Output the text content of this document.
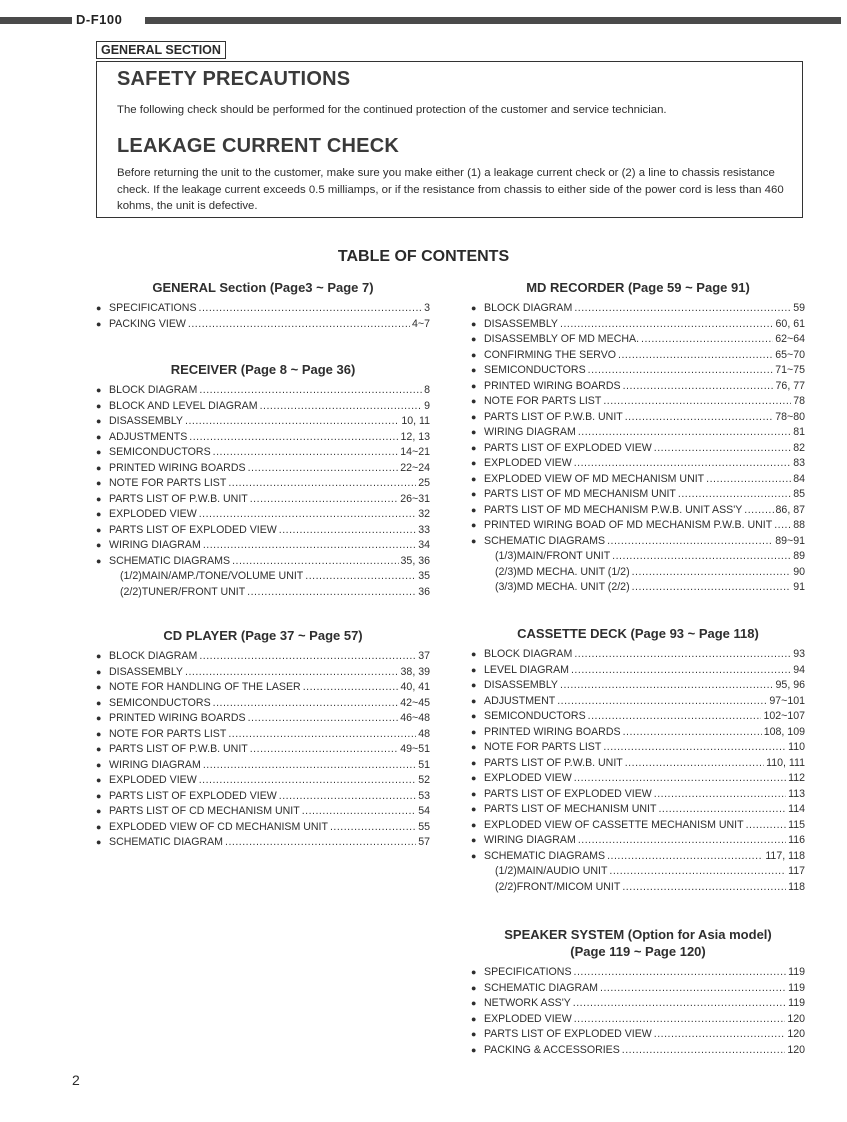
D-F100
GENERAL SECTION
SAFETY PRECAUTIONS
The following check should be performed for the continued protection of the customer and service technician.
LEAKAGE CURRENT CHECK
Before returning the unit to the customer, make sure you make either (1) a leakage current check or (2) a line to chassis resistance check. If the leakage current exceeds 0.5 milliamps, or if the resistance from chassis to either side of the power cord is less than 460 kohms, the unit is defective.
TABLE OF CONTENTS
GENERAL Section (Page3 ~ Page 7)
● SPECIFICATIONS .....	3
● PACKING VIEW .....	4~7
RECEIVER (Page 8 ~ Page 36)
● BLOCK DIAGRAM .....	8
● BLOCK AND LEVEL DIAGRAM .....	9
● DISASSEMBLY .....	10, 11
● ADJUSTMENTS .....	12, 13
● SEMICONDUCTORS .....	14~21
● PRINTED WIRING BOARDS .....	22~24
● NOTE FOR PARTS LIST .....	25
● PARTS LIST OF P.W.B. UNIT .....	26~31
● EXPLODED VIEW .....	32
● PARTS LIST OF EXPLODED VIEW .....	33
● WIRING DIAGRAM .....	34
● SCHEMATIC DIAGRAMS .....	35, 36
(1/2)MAIN/AMP./TONE/VOLUME UNIT .....	35
(2/2)TUNER/FRONT UNIT .....	36
CD PLAYER (Page 37 ~ Page 57)
● BLOCK DIAGRAM .....	37
● DISASSEMBLY .....	38, 39
● NOTE FOR HANDLING OF THE LASER .....	40, 41
● SEMICONDUCTORS .....	42~45
● PRINTED WIRING BOARDS .....	46~48
● NOTE FOR PARTS LIST .....	48
● PARTS LIST OF P.W.B. UNIT .....	49~51
● WIRING DIAGRAM .....	51
● EXPLODED VIEW .....	52
● PARTS LIST OF EXPLODED VIEW .....	53
● PARTS LIST OF CD MECHANISM UNIT .....	54
● EXPLODED VIEW OF CD MECHANISM UNIT .....	55
● SCHEMATIC DIAGRAM .....	57
MD RECORDER (Page 59 ~ Page 91)
● BLOCK DIAGRAM .....	59
● DISASSEMBLY .....	60, 61
● DISASSEMBLY OF MD MECHA. .....	62~64
● CONFIRMING THE SERVO .....	65~70
● SEMICONDUCTORS .....	71~75
● PRINTED WIRING BOARDS .....	76, 77
● NOTE FOR PARTS LIST .....	78
● PARTS LIST OF P.W.B. UNIT .....	78~80
● WIRING DIAGRAM .....	81
● PARTS LIST OF EXPLODED VIEW .....	82
● EXPLODED VIEW .....	83
● EXPLODED VIEW OF MD MECHANISM UNIT .....	84
● PARTS LIST OF MD MECHANISM UNIT .....	85
● PARTS LIST OF MD MECHANISM P.W.B. UNIT ASS'Y .....	86, 87
● PRINTED WIRING BOAD OF MD MECHANISM P.W.B. UNIT ..... 88
● SCHEMATIC DIAGRAMS .....	89~91
(1/3)MAIN/FRONT UNIT .....	89
(2/3)MD MECHA. UNIT (1/2) .....	90
(3/3)MD MECHA. UNIT (2/2) .....	91
CASSETTE DECK (Page 93 ~ Page 118)
● BLOCK DIAGRAM .....	93
● LEVEL DIAGRAM .....	94
● DISASSEMBLY .....	95, 96
● ADJUSTMENT .....	97~101
● SEMICONDUCTORS .....	102~107
● PRINTED WIRING BOARDS .....	108, 109
● NOTE FOR PARTS LIST .....	110
● PARTS LIST OF P.W.B. UNIT .....	110, 111
● EXPLODED VIEW .....	112
● PARTS LIST OF EXPLODED VIEW .....	113
● PARTS LIST OF MECHANISM UNIT .....	114
● EXPLODED VIEW OF CASSETTE MECHANISM UNIT .....	115
● WIRING DIAGRAM .....	116
● SCHEMATIC DIAGRAMS .....	117, 118
(1/2)MAIN/AUDIO UNIT .....	117
(2/2)FRONT/MICOM UNIT .....	118
SPEAKER SYSTEM (Option for Asia model)
(Page 119 ~ Page 120)
● SPECIFICATIONS .....	119
● SCHEMATIC DIAGRAM .....	119
● NETWORK ASS'Y .....	119
● EXPLODED VIEW .....	120
● PARTS LIST OF EXPLODED VIEW .....	120
● PACKING & ACCESSORIES .....	120
2
